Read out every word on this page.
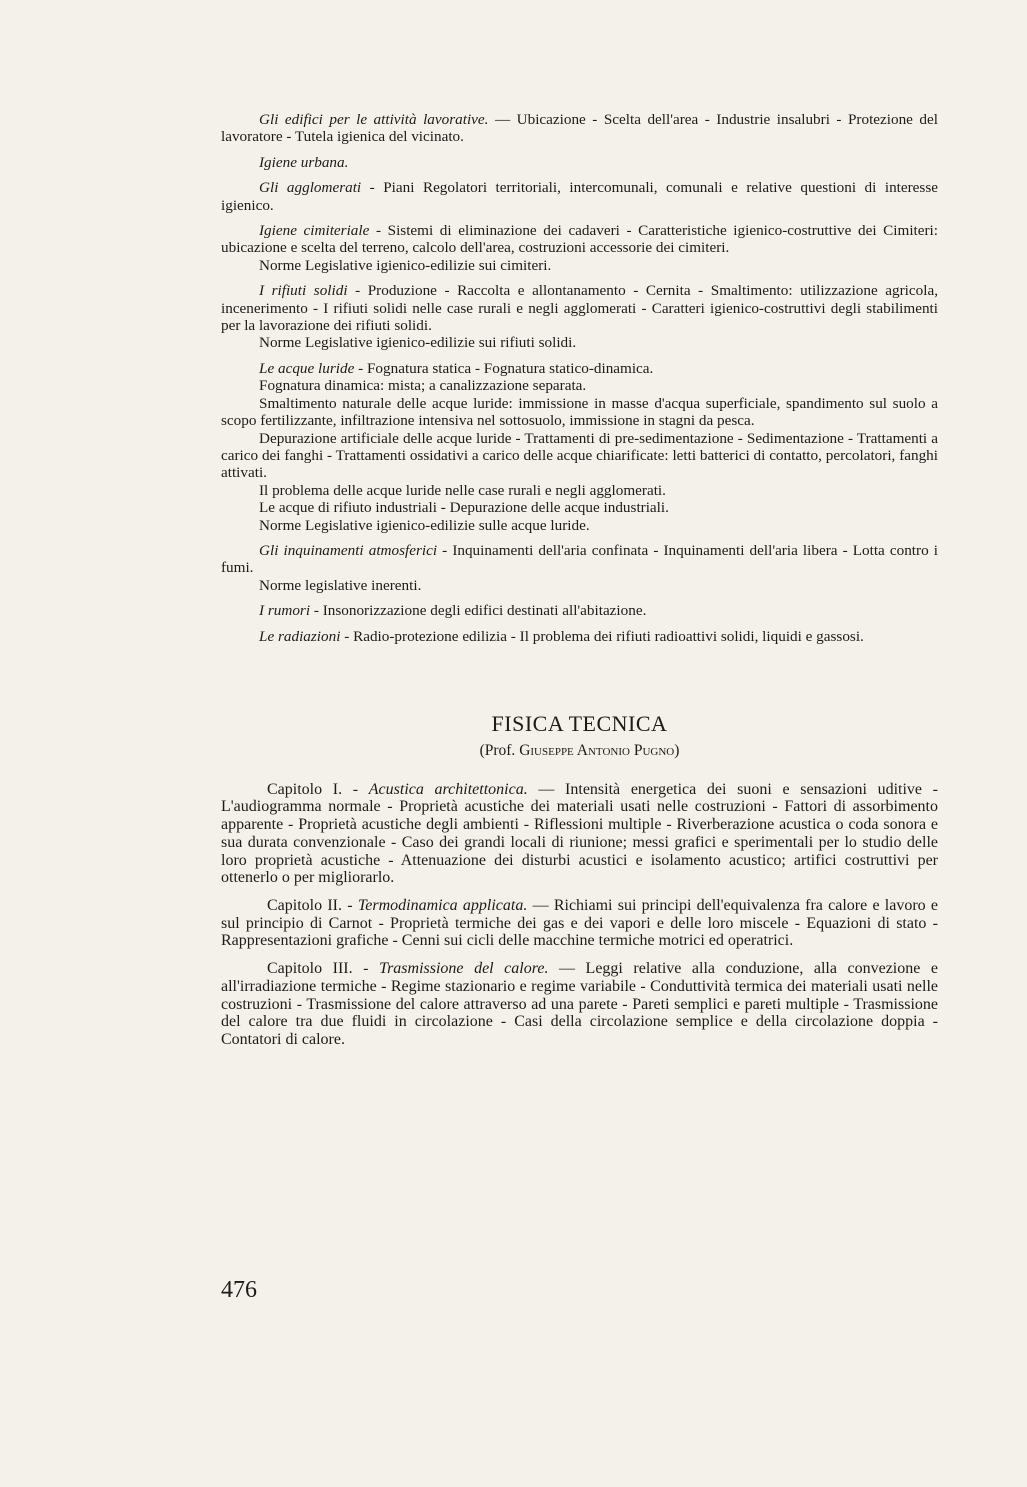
Gli edifici per le attività lavorative. — Ubicazione - Scelta dell'area - Industrie insalubri - Protezione del lavoratore - Tutela igienica del vicinato.

Igiene urbana.

Gli agglomerati - Piani Regolatori territoriali, intercomunali, comunali e relative questioni di interesse igienico.

Igiene cimiteriale - Sistemi di eliminazione dei cadaveri - Caratteristiche igienico-costruttive dei Cimiteri: ubicazione e scelta del terreno, calcolo dell'area, costruzioni accessorie dei cimiteri.

Norme Legislative igienico-edilizie sui cimiteri.

I rifiuti solidi - Produzione - Raccolta e allontanamento - Cernita - Smaltimento: utilizzazione agricola, incenerimento - I rifiuti solidi nelle case rurali e negli agglomerati - Caratteri igienico-costruttivi degli stabilimenti per la lavorazione dei rifiuti solidi.

Norme Legislative igienico-edilizie sui rifiuti solidi.

Le acque luride - Fognatura statica - Fognatura statico-dinamica.

Fognatura dinamica: mista; a canalizzazione separata.

Smaltimento naturale delle acque luride: immissione in masse d'acqua superficiale, spandimento sul suolo a scopo fertilizzante, infiltrazione intensiva nel sottosuolo, immissione in stagni da pesca.

Depurazione artificiale delle acque luride - Trattamenti di pre-sedimentazione - Sedimentazione - Trattamenti a carico dei fanghi - Trattamenti ossidativi a carico delle acque chiarificate: letti batterici di contatto, percolatori, fanghi attivati.

Il problema delle acque luride nelle case rurali e negli agglomerati.

Le acque di rifiuto industriali - Depurazione delle acque industriali.

Norme Legislative igienico-edilizie sulle acque luride.

Gli inquinamenti atmosferici - Inquinamenti dell'aria confinata - Inquinamenti dell'aria libera - Lotta contro i fumi.

Norme legislative inerenti.

I rumori - Insonorizzazione degli edifici destinati all'abitazione.

Le radiazioni - Radio-protezione edilizia - Il problema dei rifiuti radioattivi solidi, liquidi e gassosi.

FISICA TECNICA
(Prof. Giuseppe Antonio Pugno)

Capitolo I. - Acustica architettonica. — Intensità energetica dei suoni e sensazioni uditive - L'audiogramma normale - Proprietà acustiche dei materiali usati nelle costruzioni - Fattori di assorbimento apparente - Proprietà acustiche degli ambienti - Riflessioni multiple - Riverberazione acustica o coda sonora e sua durata convenzionale - Caso dei grandi locali di riunione; messi grafici e sperimentali per lo studio delle loro proprietà acustiche - Attenuazione dei disturbi acustici e isolamento acustico; artifici costruttivi per ottenerlo o per migliorarlo.

Capitolo II. - Termodinamica applicata. — Richiami sui principi dell'equivalenza fra calore e lavoro e sul principio di Carnot - Proprietà termiche dei gas e dei vapori e delle loro miscele - Equazioni di stato - Rappresentazioni grafiche - Cenni sui cicli delle macchine termiche motrici ed operatrici.

Capitolo III. - Trasmissione del calore. — Leggi relative alla conduzione, alla convezione e all'irradiazione termiche - Regime stazionario e regime variabile - Conduttività termica dei materiali usati nelle costruzioni - Trasmissione del calore attraverso ad una parete - Pareti semplici e pareti multiple - Trasmissione del calore tra due fluidi in circolazione - Casi della circolazione semplice e della circolazione doppia - Contatori di calore.

476
